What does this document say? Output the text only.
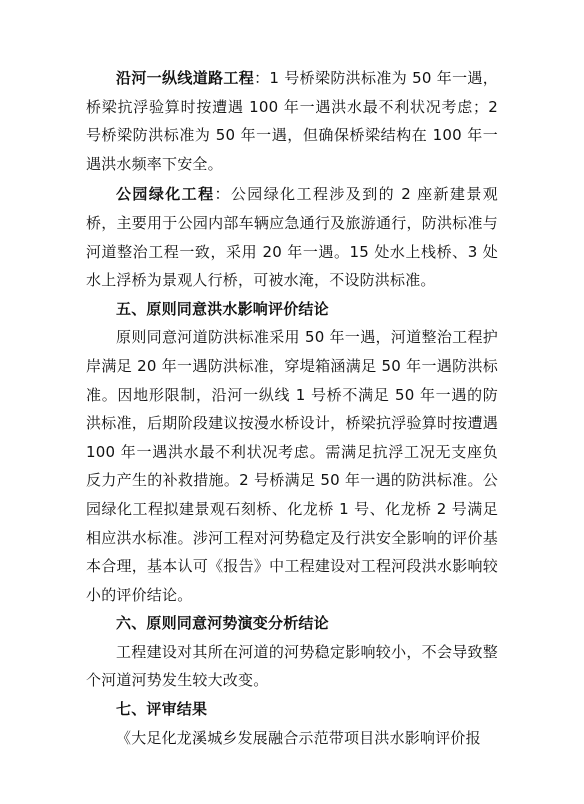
沿河一纵线道路工程：1 号桥梁防洪标准为 50 年一遇，桥梁抗浮验算时按遭遇 100 年一遇洪水最不利状况考虑；2 号桥梁防洪标准为 50 年一遇，但确保桥梁结构在 100 年一遇洪水频率下安全。

公园绿化工程：公园绿化工程涉及到的 2 座新建景观桥，主要用于公园内部车辆应急通行及旅游通行，防洪标准与河道整治工程一致，采用 20 年一遇。15 处水上栈桥、3 处水上浮桥为景观人行桥，可被水淹，不设防洪标准。

五、原则同意洪水影响评价结论

原则同意河道防洪标准采用 50 年一遇，河道整治工程护岸满足 20 年一遇防洪标准，穿堤箱涵满足 50 年一遇防洪标准。因地形限制，沿河一纵线 1 号桥不满足 50 年一遇的防洪标准，后期阶段建议按漫水桥设计，桥梁抗浮验算时按遭遇 100 年一遇洪水最不利状况考虑。需满足抗浮工况无支座负反力产生的补救措施。2 号桥满足 50 年一遇的防洪标准。公园绿化工程拟建景观石刻桥、化龙桥 1 号、化龙桥 2 号满足相应洪水标准。涉河工程对河势稳定及行洪安全影响的评价基本合理，基本认可《报告》中工程建设对工程河段洪水影响较小的评价结论。

六、原则同意河势演变分析结论

工程建设对其所在河道的河势稳定影响较小，不会导致整个河道河势发生较大改变。

七、评审结果

《大足化龙溪城乡发展融合示范带项目洪水影响评价报
